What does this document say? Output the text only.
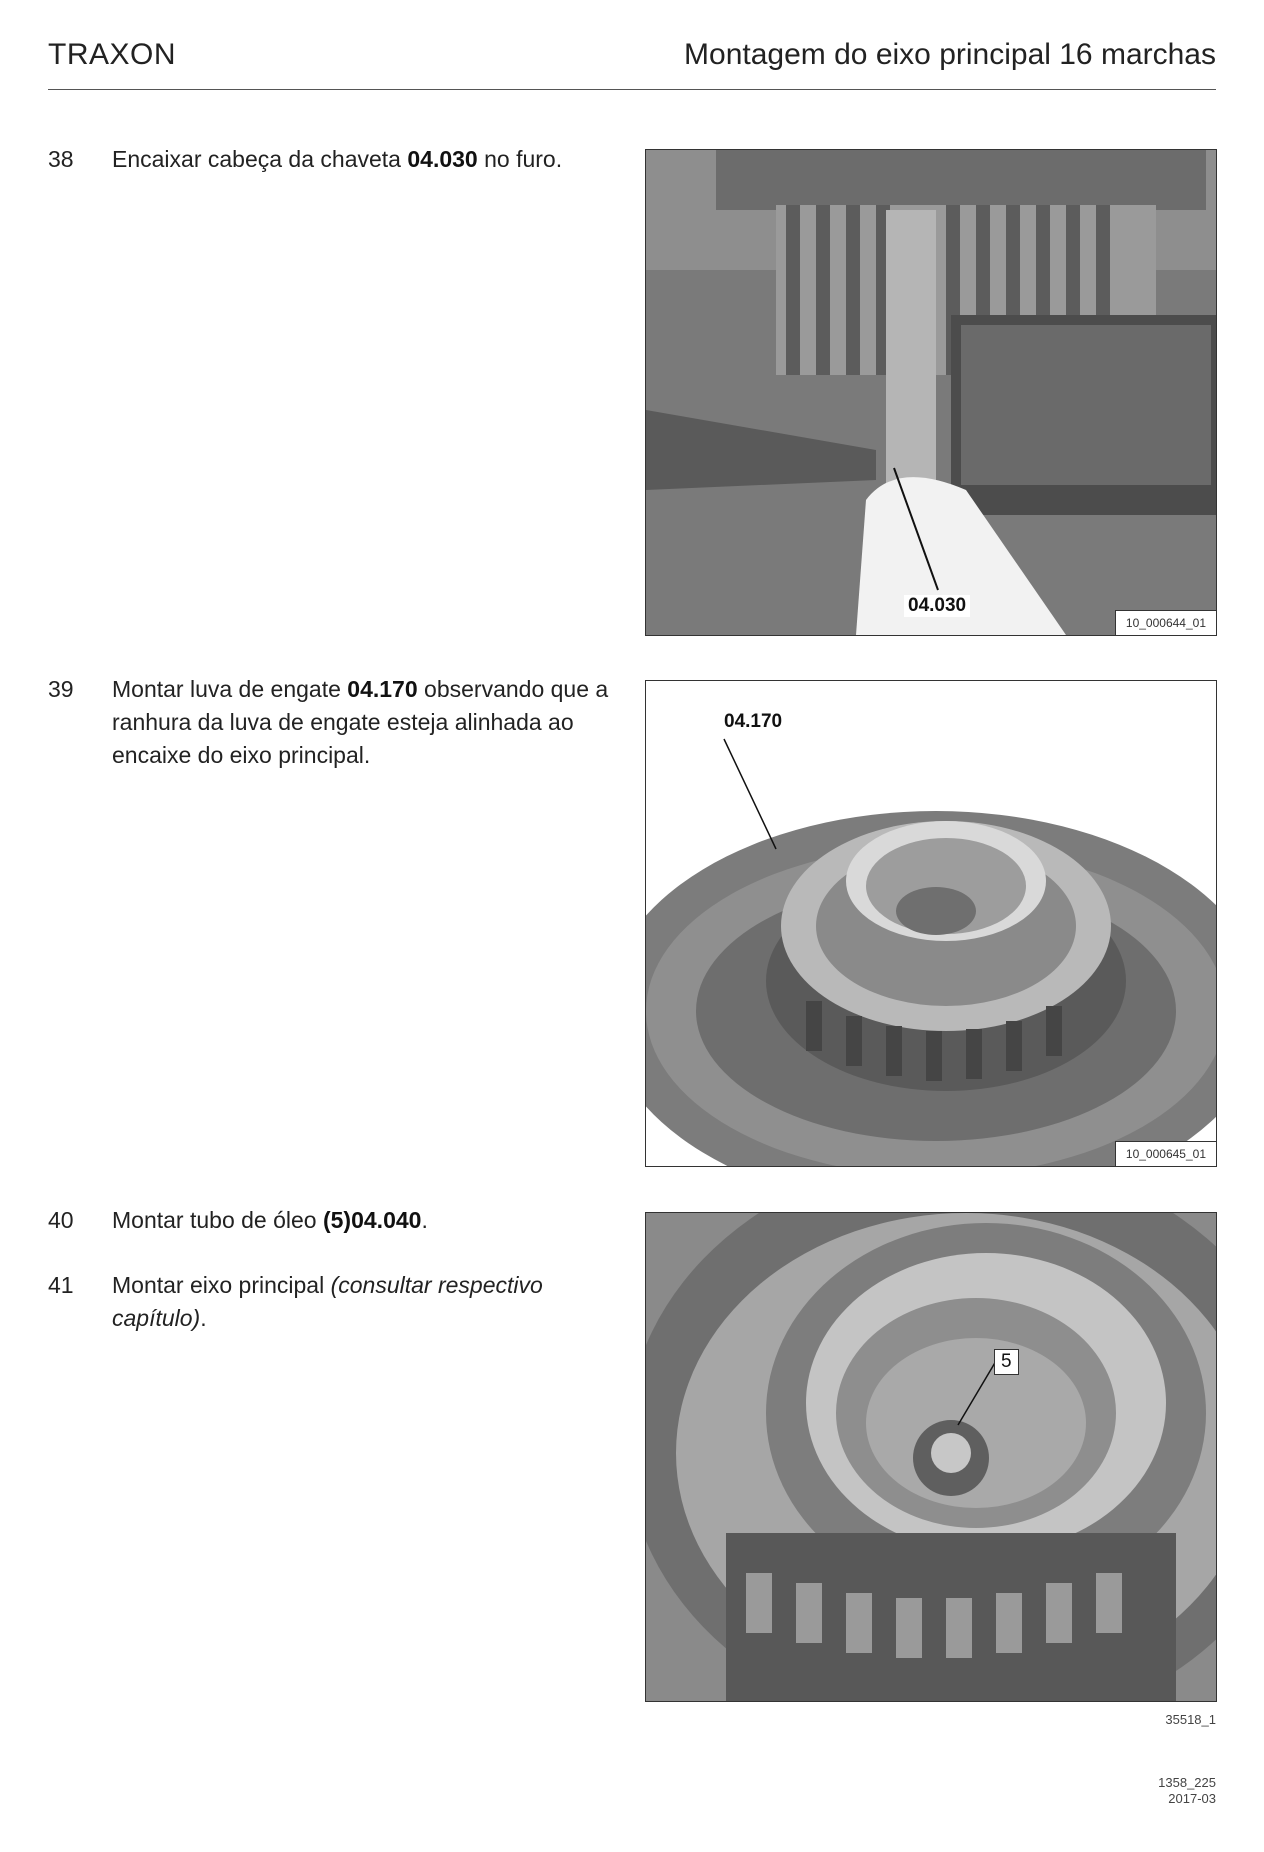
TRAXON	Montagem do eixo principal 16 marchas
38	Encaixar cabeça da chaveta 04.030 no furo.
39	Montar luva de engate 04.170 observando que a ranhura da luva de engate esteja alinhada ao encaixe do eixo principal.
40	Montar tubo de óleo (5)04.040.
41	Montar eixo principal (consultar respectivo capítulo).
04.030
10_000644_01
04.170
10_000645_01
5
35518_1
1358_225
2017-03
